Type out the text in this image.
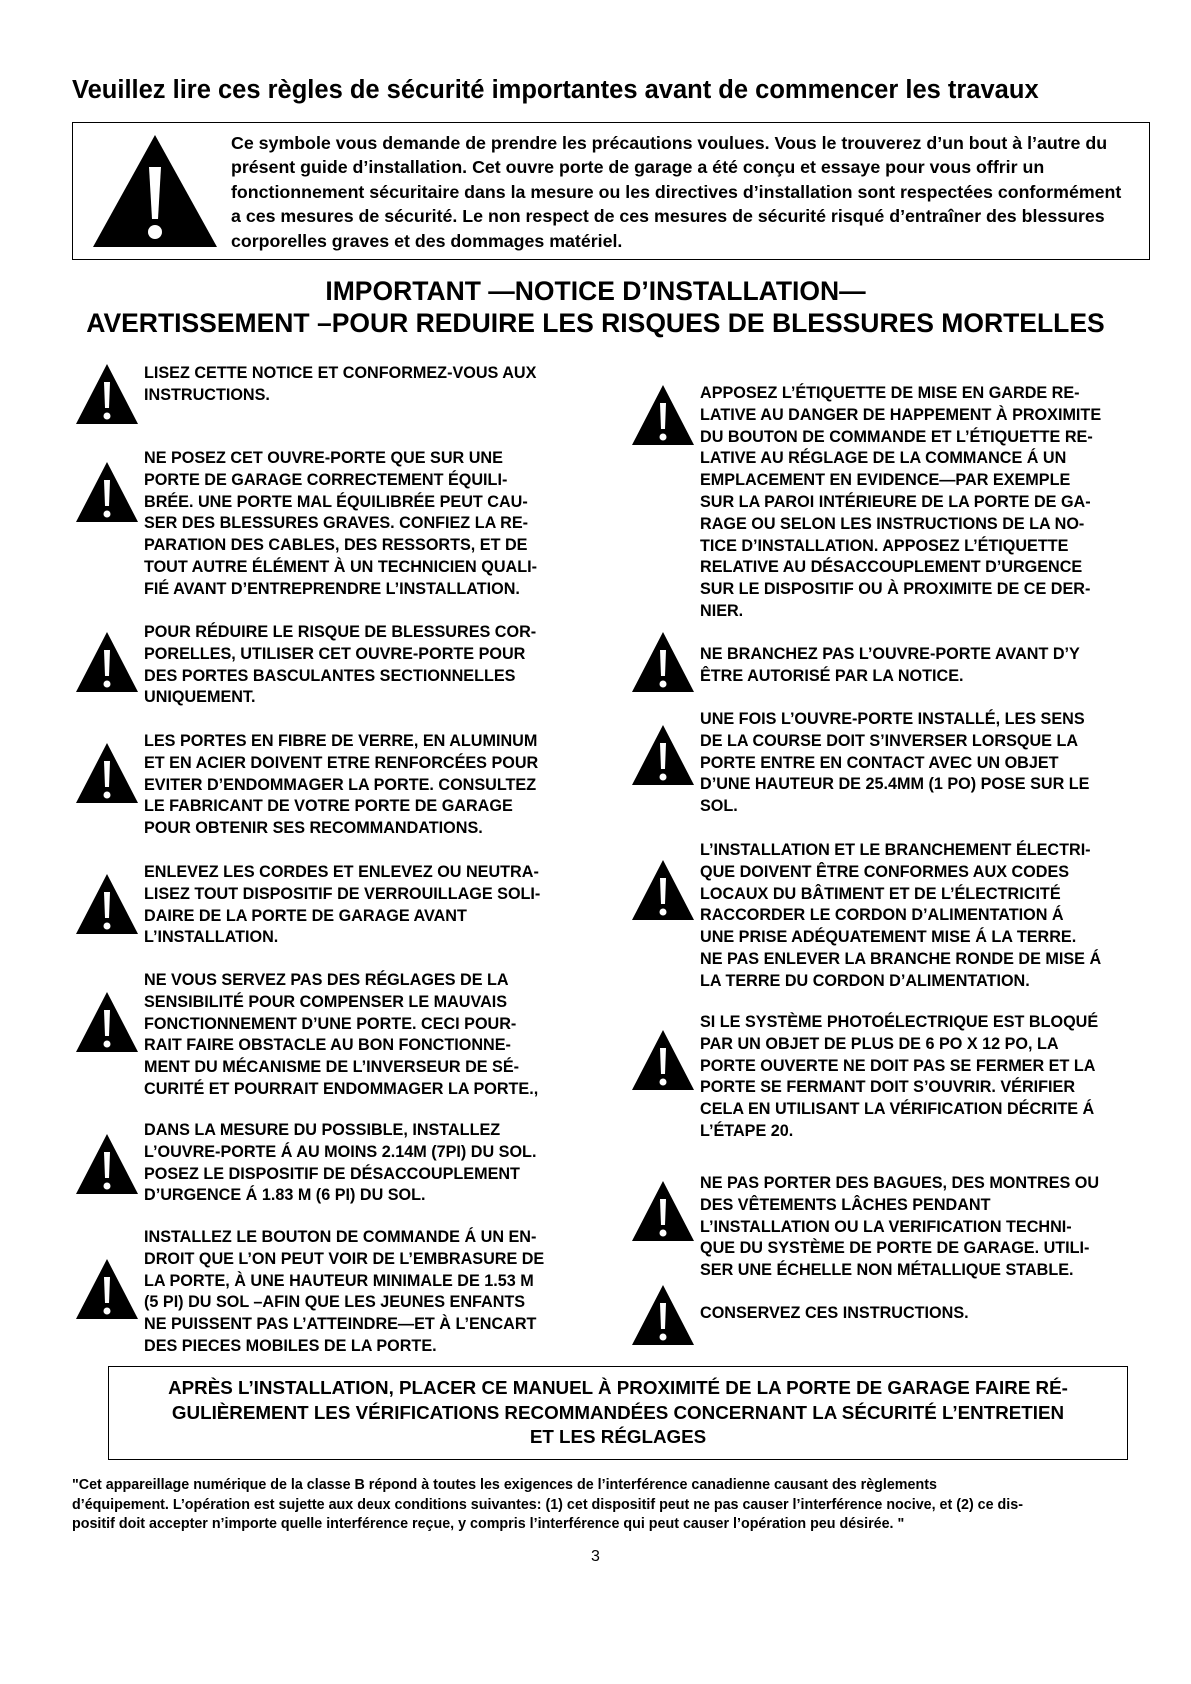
Veuillez lire ces règles de sécurité importantes avant de commencer les travaux
Ce symbole vous demande de prendre les précautions voulues. Vous le trouverez d’un bout à l’autre du présent guide d’installation. Cet ouvre porte de garage a été conçu et essaye pour vous offrir un fonctionnement sécuritaire dans la mesure ou les directives d’installation sont respectées conformément a ces mesures de sécurité. Le non respect de ces mesures de sécurité risqué d’entraîner des blessures corporelles graves et des dommages matériel.
IMPORTANT —NOTICE D’INSTALLATION—
AVERTISSEMENT –POUR REDUIRE LES RISQUES DE BLESSURES MORTELLES
LISEZ CETTE NOTICE ET CONFORMEZ-VOUS AUX
INSTRUCTIONS.
NE POSEZ CET OUVRE-PORTE QUE SUR UNE
PORTE DE GARAGE CORRECTEMENT ÉQUILI-
BRÉE. UNE PORTE MAL ÉQUILIBRÉE PEUT CAU-
SER DES BLESSURES GRAVES. CONFIEZ LA RE-
PARATION DES CABLES, DES RESSORTS, ET DE
TOUT AUTRE ÉLÉMENT À UN TECHNICIEN QUALI-
FIÉ AVANT D’ENTREPRENDRE L’INSTALLATION.
POUR RÉDUIRE LE RISQUE DE BLESSURES COR-
PORELLES, UTILISER CET OUVRE-PORTE POUR
DES PORTES BASCULANTES SECTIONNELLES
UNIQUEMENT.
LES PORTES EN FIBRE DE VERRE, EN ALUMINUM
ET EN ACIER DOIVENT ETRE RENFORCÉES POUR
EVITER D’ENDOMMAGER LA PORTE. CONSULTEZ
LE FABRICANT DE VOTRE PORTE DE GARAGE
POUR OBTENIR SES RECOMMANDATIONS.
ENLEVEZ LES CORDES ET ENLEVEZ OU NEUTRA-
LISEZ TOUT DISPOSITIF DE VERROUILLAGE SOLI-
DAIRE DE LA PORTE DE GARAGE AVANT
L’INSTALLATION.
NE VOUS SERVEZ PAS DES RÉGLAGES DE LA
SENSIBILITÉ POUR COMPENSER LE MAUVAIS
FONCTIONNEMENT D’UNE PORTE. CECI POUR-
RAIT FAIRE OBSTACLE AU BON FONCTIONNE-
MENT DU MÉCANISME DE L’INVERSEUR DE SÉ-
CURITÉ ET POURRAIT ENDOMMAGER LA PORTE.,
DANS LA MESURE DU POSSIBLE, INSTALLEZ
L’OUVRE-PORTE Á AU MOINS 2.14M (7PI) DU SOL.
POSEZ LE DISPOSITIF DE DÉSACCOUPLEMENT
D’URGENCE Á 1.83 M (6 PI) DU SOL.
INSTALLEZ LE BOUTON DE COMMANDE Á UN EN-
DROIT QUE L’ON PEUT VOIR DE L’EMBRASURE DE
LA PORTE, À UNE HAUTEUR MINIMALE DE 1.53 M
(5 PI) DU SOL –AFIN QUE LES JEUNES ENFANTS
NE PUISSENT PAS L’ATTEINDRE—ET À L’ENCART
DES PIECES MOBILES DE LA PORTE.
APPOSEZ L’ÉTIQUETTE DE MISE EN GARDE RE-
LATIVE AU DANGER DE HAPPEMENT À PROXIMITE
DU BOUTON DE COMMANDE ET L’ÉTIQUETTE RE-
LATIVE AU RÉGLAGE DE LA COMMANCE Á UN
EMPLACEMENT EN EVIDENCE—PAR EXEMPLE
SUR LA PAROI INTÉRIEURE DE LA PORTE DE GA-
RAGE OU SELON LES INSTRUCTIONS DE LA NO-
TICE D’INSTALLATION. APPOSEZ L’ÉTIQUETTE
RELATIVE AU DÉSACCOUPLEMENT D’URGENCE
SUR LE DISPOSITIF OU À PROXIMITE DE CE DER-
NIER.
NE BRANCHEZ PAS L’OUVRE-PORTE AVANT D’Y
ÊTRE AUTORISÉ PAR LA NOTICE.
UNE FOIS L’OUVRE-PORTE INSTALLÉ, LES SENS
DE LA COURSE DOIT S’INVERSER LORSQUE LA
PORTE ENTRE EN CONTACT AVEC UN OBJET
D’UNE HAUTEUR DE 25.4MM (1 PO) POSE SUR LE
SOL.
L’INSTALLATION ET LE BRANCHEMENT ÉLECTRI-
QUE DOIVENT ÊTRE CONFORMES AUX CODES
LOCAUX DU BÂTIMENT ET DE L’ÉLECTRICITÉ
RACCORDER LE CORDON D’ALIMENTATION Á
UNE PRISE ADÉQUATEMENT MISE Á LA TERRE.
NE PAS ENLEVER LA BRANCHE RONDE DE MISE Á
LA TERRE DU CORDON D’ALIMENTATION.
SI LE SYSTÈME PHOTOÉLECTRIQUE EST BLOQUÉ
PAR UN OBJET DE PLUS DE 6 PO X 12 PO, LA
PORTE OUVERTE NE DOIT PAS SE FERMER ET LA
PORTE SE FERMANT DOIT S’OUVRIR. VÉRIFIER
CELA EN UTILISANT LA VÉRIFICATION DÉCRITE Á
L’ÉTAPE 20.
NE PAS PORTER DES BAGUES, DES MONTRES OU
DES VÊTEMENTS LÂCHES PENDANT
L’INSTALLATION OU LA VERIFICATION TECHNI-
QUE DU SYSTÈME DE PORTE DE GARAGE. UTILI-
SER UNE ÉCHELLE NON MÉTALLIQUE STABLE.
CONSERVEZ CES INSTRUCTIONS.
APRÈS L’INSTALLATION, PLACER CE MANUEL À PROXIMITÉ DE LA PORTE DE GARAGE FAIRE RÉ-
GULIÈREMENT LES VÉRIFICATIONS RECOMMANDÉES CONCERNANT LA SÉCURITÉ L’ENTRETIEN
ET LES RÉGLAGES
"Cet appareillage numérique de la classe B répond à toutes les exigences de l’interférence canadienne causant des règlements
d’équipement. L’opération est sujette aux deux conditions suivantes: (1) cet dispositif peut ne pas causer l’interférence nocive, et (2) ce dis-
positif doit accepter n’importe quelle interférence reçue, y compris l’interférence qui peut causer l’opération peu désirée. "
3
